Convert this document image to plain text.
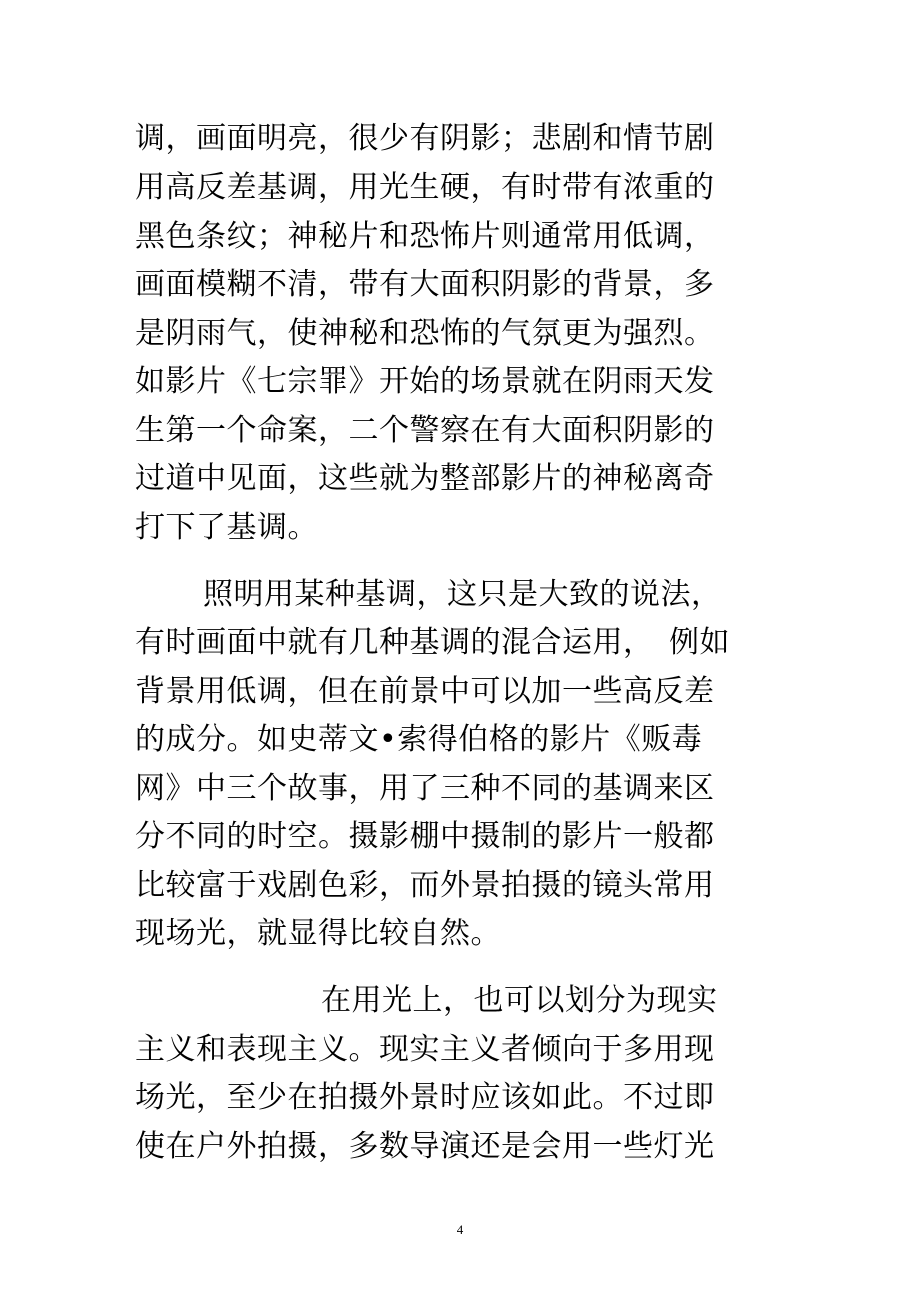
调，画面明亮，很少有阴影；悲剧和情节剧
用高反差基调，用光生硬，有时带有浓重的
黑色条纹；神秘片和恐怖片则通常用低调，
画面模糊不清，带有大面积阴影的背景，多
是阴雨气，使神秘和恐怖的气氛更为强烈。
如影片《七宗罪》开始的场景就在阴雨天发
生第一个命案，二个警察在有大面积阴影的
过道中见面，这些就为整部影片的神秘离奇
打下了基调。
照明用某种基调，这只是大致的说法，
有时画面中就有几种基调的混合运用，　例如
背景用低调，但在前景中可以加一些高反差
的成分。如史蒂文•索得伯格的影片《贩毒
网》中三个故事，用了三种不同的基调来区
分不同的时空。摄影棚中摄制的影片一般都
比较富于戏剧色彩，而外景拍摄的镜头常用
现场光，就显得比较自然。
在用光上，也可以划分为现实
主义和表现主义。现实主义者倾向于多用现
场光，至少在拍摄外景时应该如此。不过即
使在户外拍摄，多数导演还是会用一些灯光
4
